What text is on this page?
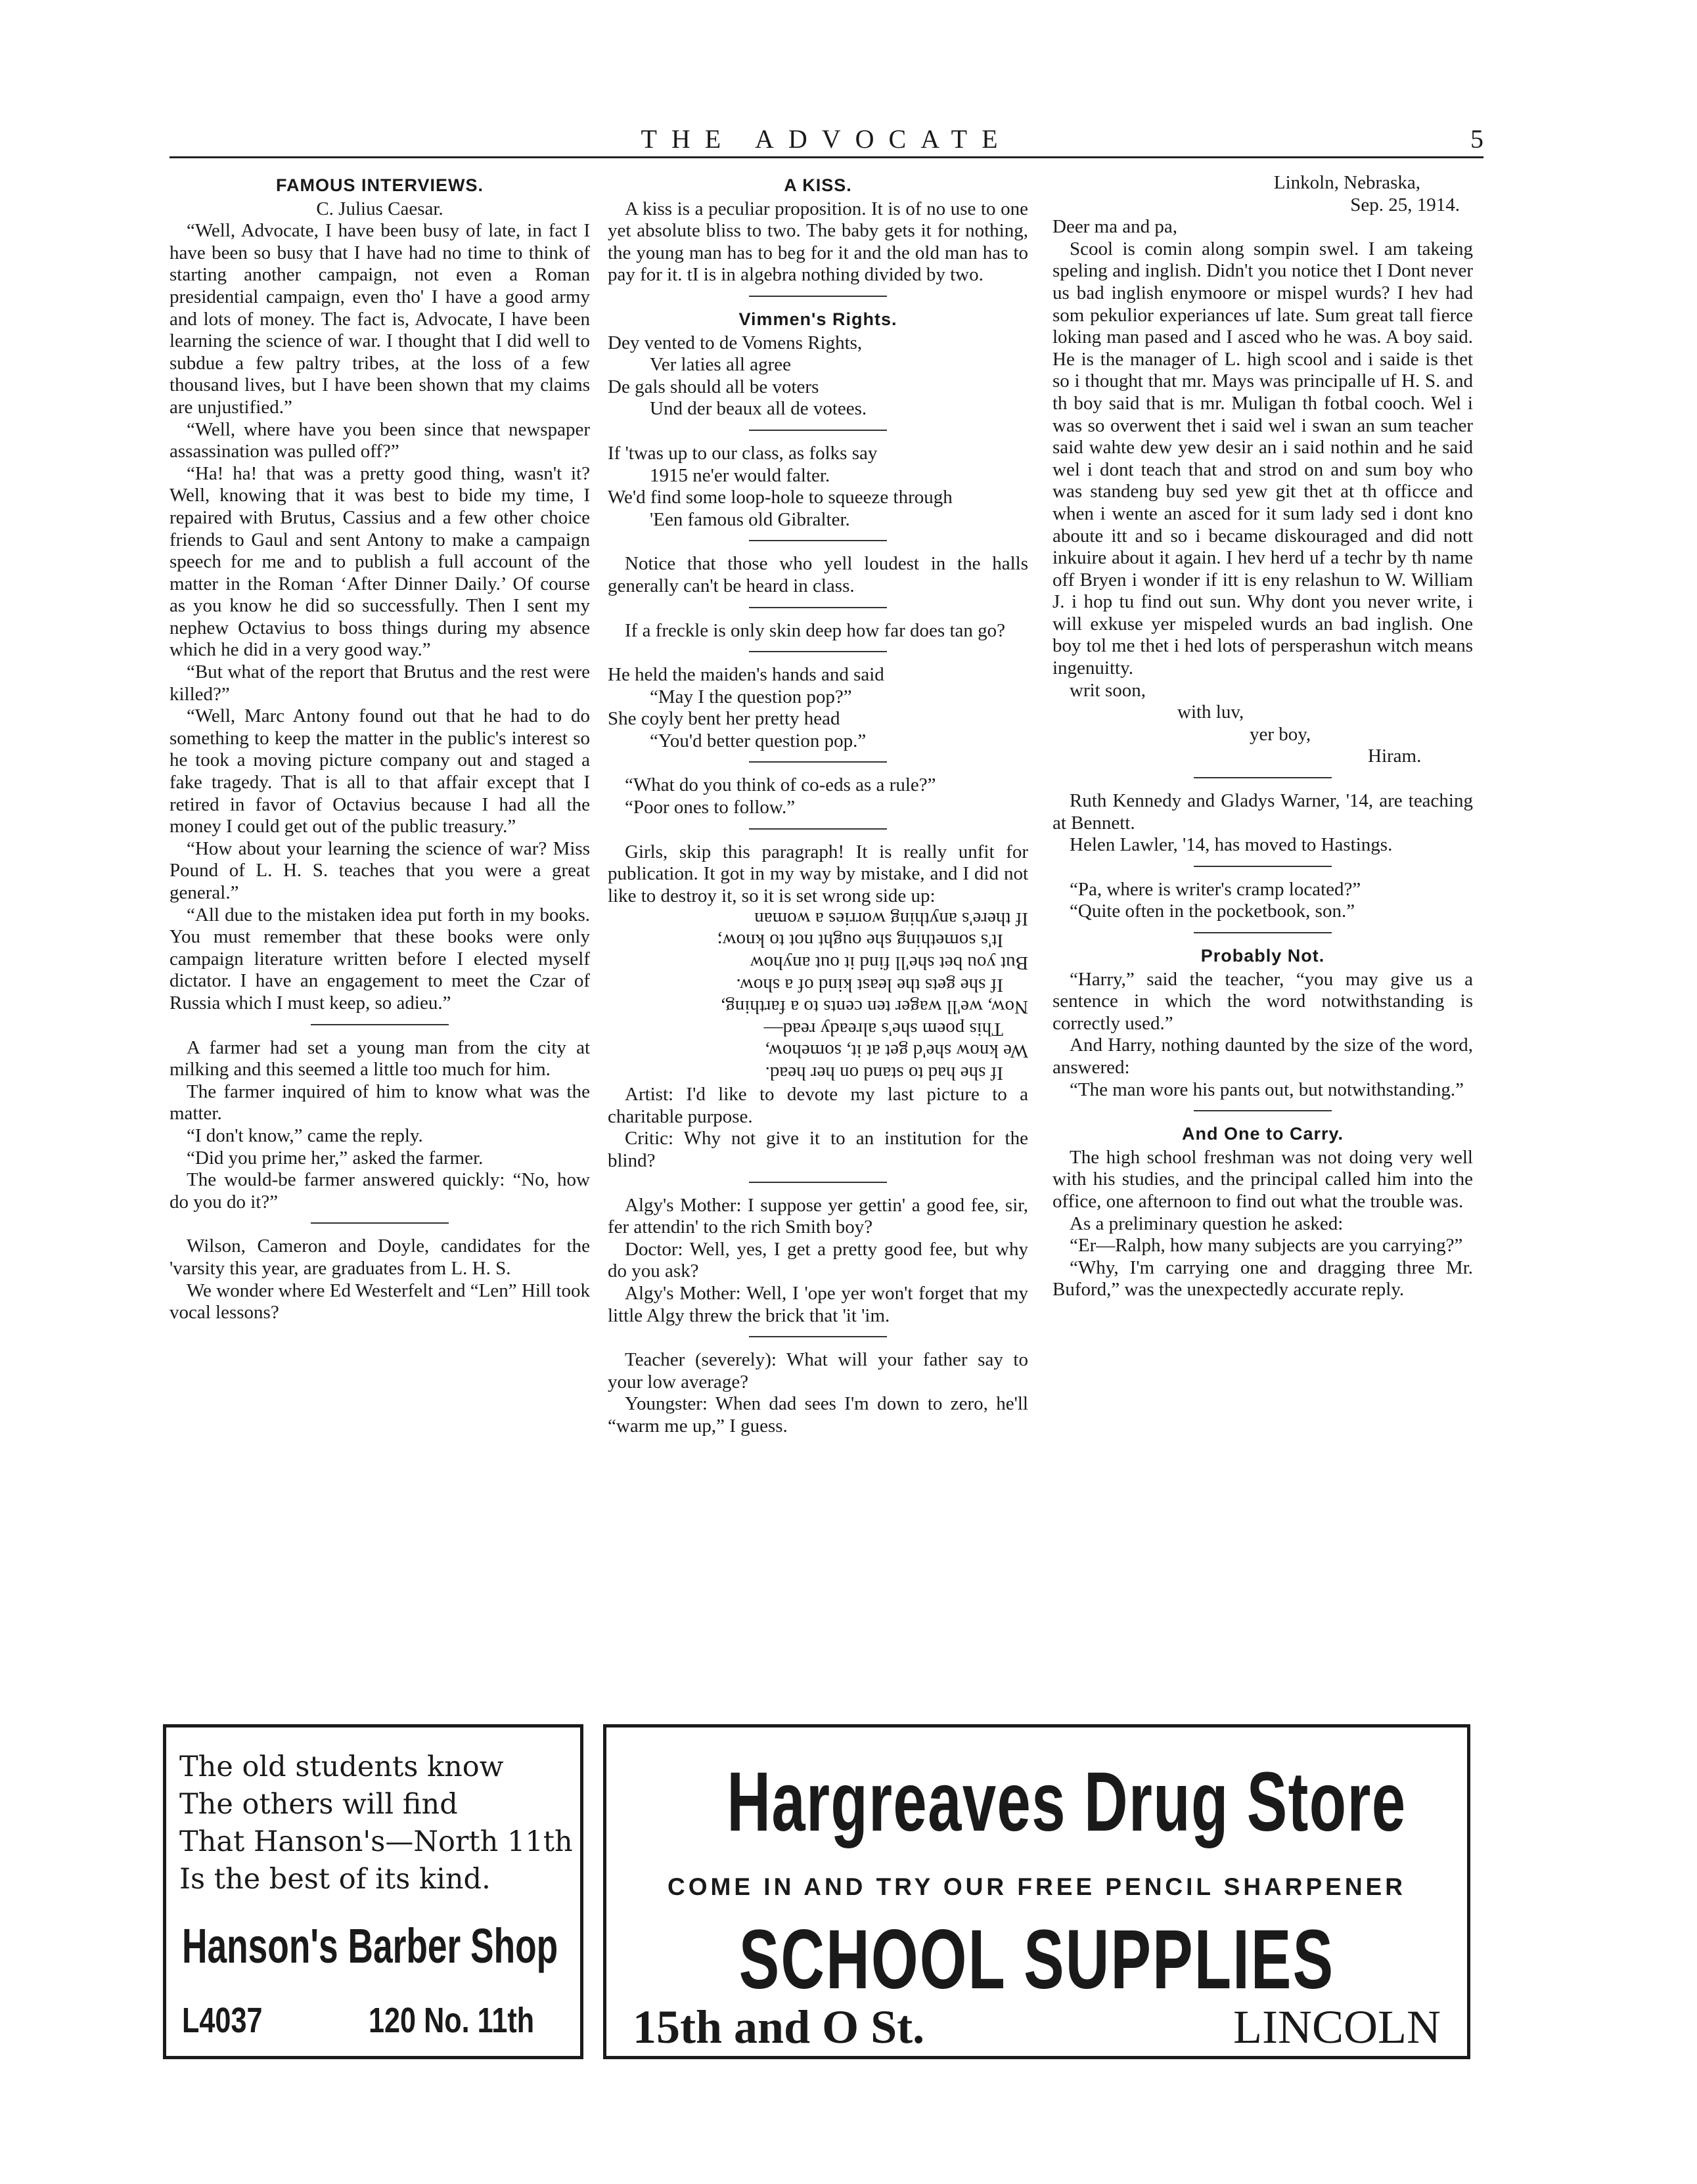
THE ADVOCATE	5
FAMOUS INTERVIEWS.
C. Julius Caesar.

“Well, Advocate, I have been busy of late, in fact I have been so busy that I have had no time to think of starting another campaign, not even a Roman presidential campaign, even tho' I have a good army and lots of money. The fact is, Advocate, I have been learning the science of war. I thought that I did well to subdue a few paltry tribes, at the loss of a few thousand lives, but I have been shown that my claims are unjustified.”

“Well, where have you been since that newspaper assassination was pulled off?”

“Ha! ha! that was a pretty good thing, wasn't it? Well, knowing that it was best to bide my time, I repaired with Brutus, Cassius and a few other choice friends to Gaul and sent Antony to make a campaign speech for me and to publish a full account of the matter in the Roman ‘After Dinner Daily.’ Of course as you know he did so successfully. Then I sent my nephew Octavius to boss things during my absence which he did in a very good way.”

“But what of the report that Brutus and the rest were killed?”

“Well, Marc Antony found out that he had to do something to keep the matter in the public's interest so he took a moving picture company out and staged a fake tragedy. That is all to that affair except that I retired in favor of Octavius because I had all the money I could get out of the public treasury.”

“How about your learning the science of war? Miss Pound of L. H. S. teaches that you were a great general.”

“All due to the mistaken idea put forth in my books. You must remember that these books were only campaign literature written before I elected myself dictator. I have an engagement to meet the Czar of Russia which I must keep, so adieu.”

A farmer had set a young man from the city at milking and this seemed a little too much for him.

The farmer inquired of him to know what was the matter.

“I don't know,” came the reply.

“Did you prime her,” asked the farmer.

The would-be farmer answered quickly: “No, how do you do it?”

Wilson, Cameron and Doyle, candidates for the 'varsity this year, are graduates from L. H. S.

We wonder where Ed Westerfelt and “Len” Hill took vocal lessons?

A KISS.

A kiss is a peculiar proposition. It is of no use to one yet absolute bliss to two. The baby gets it for nothing, the young man has to beg for it and the old man has to pay for it. tI is in algebra nothing divided by two.

Vimmen's Rights.

Dey vented to de Vomens Rights,

Ver laties all agree

De gals should all be voters

Und der beaux all de votees.

If 'twas up to our class, as folks say

1915 ne'er would falter.

We'd find some loop-hole to squeeze through

'Een famous old Gibralter.

Notice that those who yell loudest in the halls generally can't be heard in class.

If a freckle is only skin deep how far does tan go?

He held the maiden's hands and said

“May I the question pop?”

She coyly bent her pretty head

“You'd better question pop.”

“What do you think of co-eds as a rule?”

“Poor ones to follow.”

Girls, skip this paragraph! It is really unfit for publication. It got in my way by mistake, and I did not like to destroy it, so it is set wrong side up:

If she had to stand on her head.

We know she'd get at it, somehow,

This poem she's already read—

Now, we'll wager ten cents to a farthing,

If she gets the least kind of a show.

But you bet she'll find it out anyhow

It's something she ought not to know;

If there's anything worries a woman

Artist: I'd like to devote my last picture to a charitable purpose.

Critic: Why not give it to an institution for the blind?

Algy's Mother: I suppose yer gettin' a good fee, sir, fer attendin' to the rich Smith boy?

Doctor: Well, yes, I get a pretty good fee, but why do you ask?

Algy's Mother: Well, I 'ope yer won't forget that my little Algy threw the brick that 'it 'im.

Teacher (severely): What will your father say to your low average?

Youngster: When dad sees I'm down to zero, he'll “warm me up,” I guess.

Linkoln, Nebraska,
Sep. 25, 1914.

Deer ma and pa,

Scool is comin along sompin swel. I am takeing speling and inglish. Didn't you notice thet I Dont never us bad inglish enymoore or mispel wurds? I hev had som pekulior experiances uf late. Sum great tall fierce loking man pased and I asced who he was. A boy said. He is the manager of L. high scool and i saide is thet so i thought that mr. Mays was principalle uf H. S. and th boy said that is mr. Muligan th fotbal cooch. Wel i was so overwent thet i said wel i swan an sum teacher said wahte dew yew desir an i said nothin and he said wel i dont teach that and strod on and sum boy who was standeng buy sed yew git thet at th officce and when i wente an asced for it sum lady sed i dont kno aboute itt and so i became diskouraged and did nott inkuire about it again. I hev herd uf a techr by th name off Bryen i wonder if itt is eny relashun to W. William J. i hop tu find out sun. Why dont you never write, i will exkuse yer mispeled wurds an bad inglish. One boy tol me thet i hed lots of persperashun witch means ingenuitty.

writ soon,

with luv,

yer boy,

Hiram.

Ruth Kennedy and Gladys Warner, '14, are teaching at Bennett.

Helen Lawler, '14, has moved to Hastings.

“Pa, where is writer's cramp located?”

“Quite often in the pocketbook, son.”

Probably Not.

“Harry,” said the teacher, “you may give us a sentence in which the word notwithstanding is correctly used.”

And Harry, nothing daunted by the size of the word, answered:

“The man wore his pants out, but notwithstanding.”

And One to Carry.

The high school freshman was not doing very well with his studies, and the principal called him into the office, one afternoon to find out what the trouble was.

As a preliminary question he asked:

“Er—Ralph, how many subjects are you carrying?”

“Why, I'm carrying one and dragging three Mr. Buford,” was the unexpectedly accurate reply.

The old students know
The others will find
That Hanson's—North 11th
Is the best of its kind.
Hanson's Barber Shop
L4037	120 No. 11th
Hargreaves Drug Store
COME IN AND TRY OUR FREE PENCIL SHARPENER
SCHOOL SUPPLIES
15th and O St.	LINCOLN
